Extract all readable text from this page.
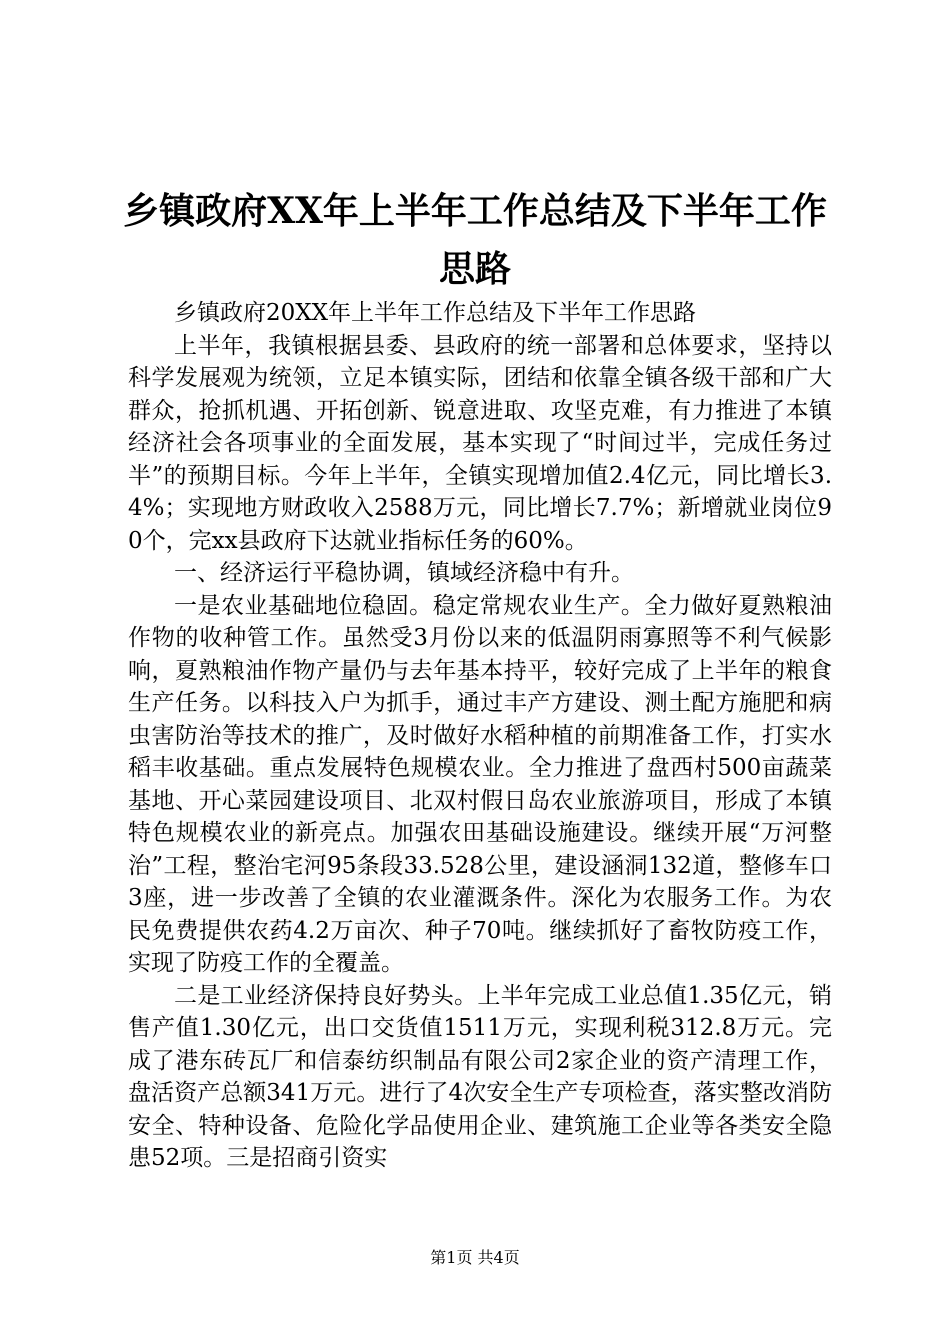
乡镇政府XX年上半年工作总结及下半年工作思路

乡镇政府20XX年上半年工作总结及下半年工作思路

上半年，我镇根据县委、县政府的统一部署和总体要求，坚持以科学发展观为统领，立足本镇实际，团结和依靠全镇各级干部和广大群众，抢抓机遇、开拓创新、锐意进取、攻坚克难，有力推进了本镇经济社会各项事业的全面发展，基本实现了“时间过半，完成任务过半”的预期目标。今年上半年，全镇实现增加值2.4亿元，同比增长3.4%；实现地方财政收入2588万元，同比增长7.7%；新增就业岗位90个，完xx县政府下达就业指标任务的60%。

一、经济运行平稳协调，镇域经济稳中有升。

一是农业基础地位稳固。稳定常规农业生产。全力做好夏熟粮油作物的收种管工作。虽然受3月份以来的低温阴雨寡照等不利气候影响，夏熟粮油作物产量仍与去年基本持平，较好完成了上半年的粮食生产任务。以科技入户为抓手，通过丰产方建设、测土配方施肥和病虫害防治等技术的推广，及时做好水稻种植的前期准备工作，打实水稻丰收基础。重点发展特色规模农业。全力推进了盘西村500亩蔬菜基地、开心菜园建设项目、北双村假日岛农业旅游项目，形成了本镇特色规模农业的新亮点。加强农田基础设施建设。继续开展“万河整治”工程，整治宅河95条段33.528公里，建设涵洞132道，整修车口3座，进一步改善了全镇的农业灌溉条件。深化为农服务工作。为农民免费提供农药4.2万亩次、种子70吨。继续抓好了畜牧防疫工作，实现了防疫工作的全覆盖。

二是工业经济保持良好势头。上半年完成工业总值1.35亿元，销售产值1.30亿元，出口交货值1511万元，实现利税312.8万元。完成了港东砖瓦厂和信泰纺织制品有限公司2家企业的资产清理工作，盘活资产总额341万元。进行了4次安全生产专项检查，落实整改消防安全、特种设备、危险化学品使用企业、建筑施工企业等各类安全隐患52项。三是招商引资实

第1页 共4页
